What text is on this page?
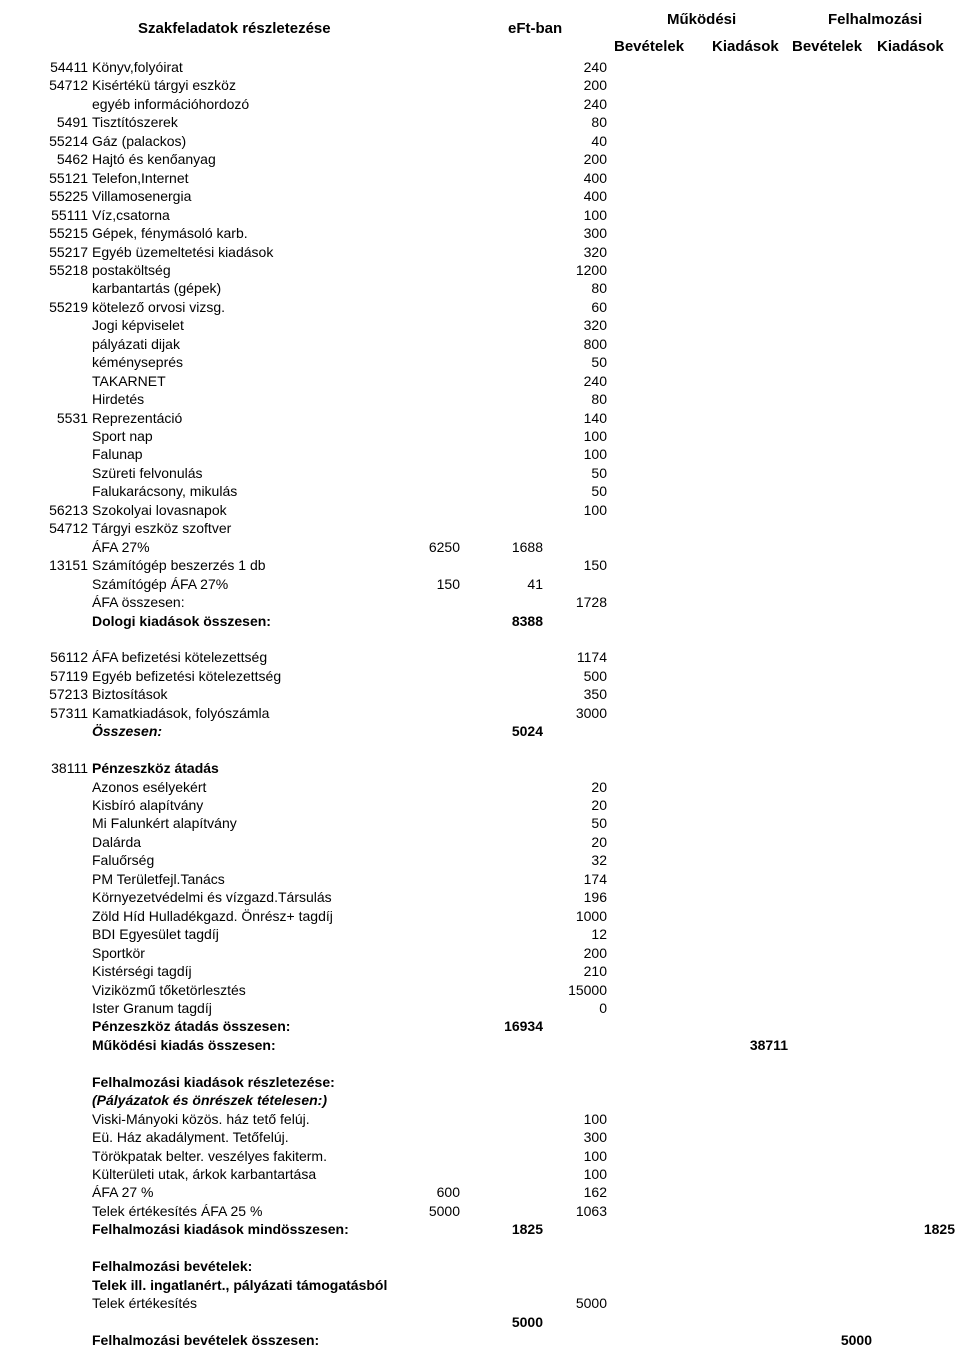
Szakfeladatok részletezése	eFt-ban
Működési	Felhalmozási
Bevételek Kiadások Bevételek Kiadások
54411 Könyv,folyóirat	240
54712 Kisértékü tárgyi eszköz	200
egyéb információhordozó	240
5491 Tisztítószerek	80
55214 Gáz (palackos)	40
5462 Hajtó és kenőanyag	200
55121 Telefon,Internet	400
55225 Villamosenergia	400
55111 Víz,csatorna	100
55215 Gépek, fénymásoló karb.	300
55217 Egyéb üzemeltetési kiadások	320
55218 postaköltség	1200
karbantartás (gépek)	80
55219 kötelező orvosi vizsg.	60
Jogi képviselet	320
pályázati dijak	800
kéményseprés	50
TAKARNET	240
Hirdetés	80
5531 Reprezentáció	140
Sport nap	100
Falunap	100
Szüreti felvonulás	50
Falukarácsony, mikulás	50
56213 Szokolyai lovasnapok	100
54712 Tárgyi eszköz szoftver
ÁFA 27%	6250	1688
13151 Számítógép beszerzés 1 db	150
Számítógép ÁFA 27%	150	41
ÁFA összesen:	1728
Dologi kiadások összesen:	8388
56112 ÁFA befizetési kötelezettség	1174
57119 Egyéb befizetési kötelezettség	500
57213 Biztosítások	350
57311 Kamatkiadások, folyószámla	3000
Összesen:	5024
38111 Pénzeszköz átadás
Azonos esélyekért	20
Kisbíró alapítvány	20
Mi Falunkért alapítvány	50
Dalárda	20
Faluőrség	32
PM Területfejl.Tanács	174
Környezetvédelmi és vízgazd.Társulás	196
Zöld Híd Hulladékgazd. Önrész+ tagdíj	1000
BDI Egyesület tagdíj	12
Sportkör	200
Kistérségi tagdíj	210
Viziközmű tőketörlesztés	15000
Ister Granum tagdíj	0
Pénzeszköz átadás összesen:	16934
Működési kiadás összesen:	38711
Felhalmozási kiadások részletezése:
(Pályázatok és önrészek tételesen:)
Viski-Mányoki közös. ház tető felúj.	100
Eü. Ház akadályment. Tetőfelúj.	300
Törökpatak belter. veszélyes fakiterm.	100
Külterületi utak, árkok karbantartása	100
ÁFA 27 %	600	162
Telek értékesítés ÁFA 25 %	5000	1063
Felhalmozási kiadások mindösszesen:	1825	1825
Felhalmozási bevételek:
Telek ill. ingatlanért., pályázati támogatásból
Telek értékesítés	5000
5000
Felhalmozási bevételek összesen:	5000
